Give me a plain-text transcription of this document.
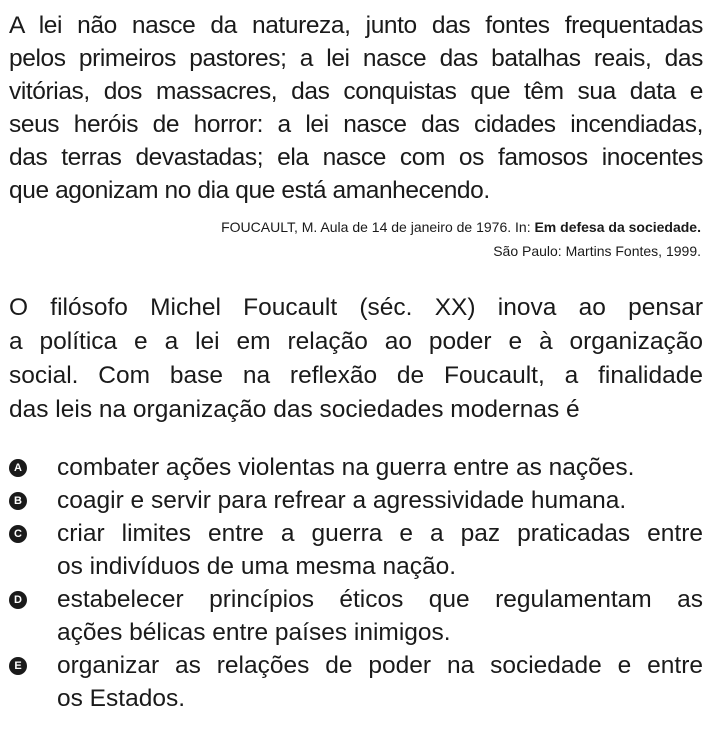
A lei não nasce da natureza, junto das fontes frequentadas
pelos primeiros pastores; a lei nasce das batalhas reais, das
vitórias, dos massacres, das conquistas que têm sua data e
seus heróis de horror: a lei nasce das cidades incendiadas,
das terras devastadas; ela nasce com os famosos inocentes
que agonizam no dia que está amanhecendo.
FOUCAULT, M. Aula de 14 de janeiro de 1976. In: Em defesa da sociedade.
São Paulo: Martins Fontes, 1999.
O filósofo Michel Foucault (séc. XX) inova ao pensar
a política e a lei em relação ao poder e à organização
social. Com base na reflexão de Foucault, a finalidade
das leis na organização das sociedades modernas é
A combater ações violentas na guerra entre as nações.
B coagir e servir para refrear a agressividade humana.
C criar limites entre a guerra e a paz praticadas entre
os indivíduos de uma mesma nação.
D estabelecer princípios éticos que regulamentam as
ações bélicas entre países inimigos.
E organizar as relações de poder na sociedade e entre
os Estados.
